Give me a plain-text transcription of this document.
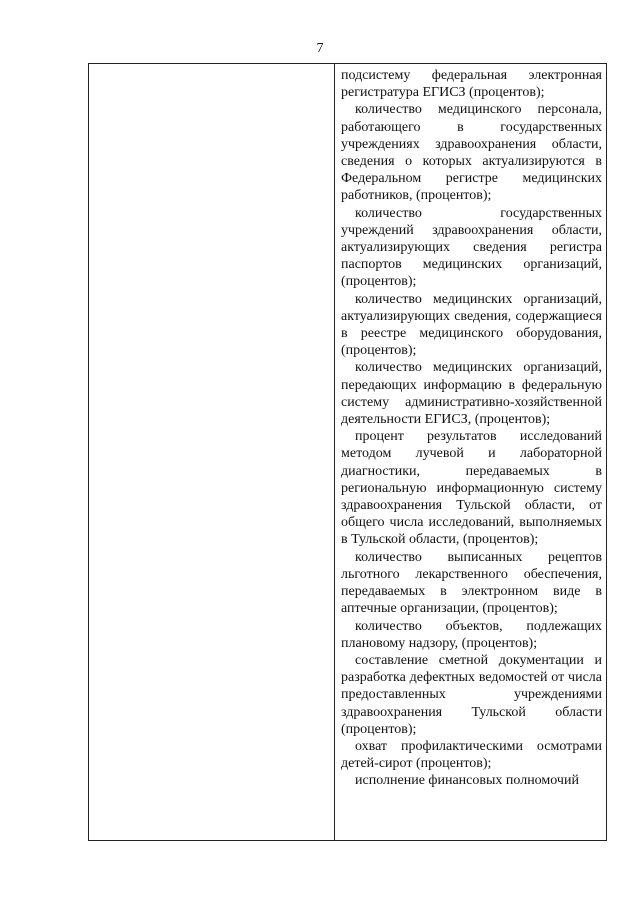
7

подсистему федеральная электронная регистратура ЕГИСЗ (процентов);

количество медицинского персонала, работающего в государственных учреждениях здравоохранения области, сведения о которых актуализируются в Федеральном регистре медицинских работников, (процентов);

количество государственных учреждений здравоохранения области, актуализирующих сведения регистра паспортов медицинских организаций, (процентов);

количество медицинских организаций, актуализирующих сведения, содержащиеся в реестре медицинского оборудования, (процентов);

количество медицинских организаций, передающих информацию в федеральную систему административно-хозяйственной деятельности ЕГИСЗ, (процентов);

процент результатов исследований методом лучевой и лабораторной диагностики, передаваемых в региональную информационную систему здравоохранения Тульской области, от общего числа исследований, выполняемых в Тульской области, (процентов);

количество выписанных рецептов льготного лекарственного обеспечения, передаваемых в электронном виде в аптечные организации, (процентов);

количество объектов, подлежащих плановому надзору, (процентов);

составление сметной документации и разработка дефектных ведомостей от числа предоставленных учреждениями здравоохранения Тульской области (процентов);

охват профилактическими осмотрами детей-сирот (процентов);

исполнение финансовых полномочий
